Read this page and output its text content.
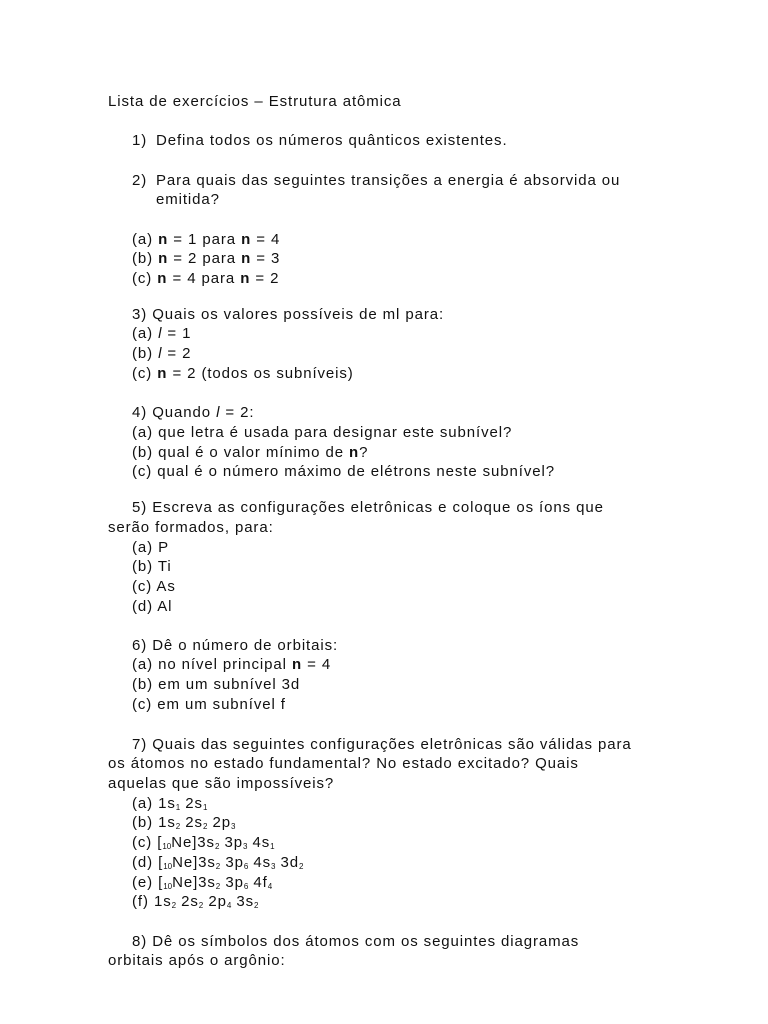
Lista de exercícios – Estrutura atômica
1) Defina todos os números quânticos existentes.
2) Para quais das seguintes transições a energia é absorvida ou
emitida?
(a) n = 1 para n = 4
(b) n = 2 para n = 3
(c) n = 4 para n = 2
3) Quais os valores possíveis de ml para:
(a) l = 1
(b) l = 2
(c) n = 2 (todos os subníveis)
4) Quando l = 2:
(a) que letra é usada para designar este subnível?
(b) qual é o valor mínimo de n?
(c) qual é o número máximo de elétrons neste subnível?
5) Escreva as configurações eletrônicas e coloque os íons que
serão formados, para:
(a) P
(b) Ti
(c) As
(d) Al
6) Dê o número de orbitais:
(a) no nível principal n = 4
(b) em um subnível 3d
(c) em um subnível f
7) Quais das seguintes configurações eletrônicas são válidas para
os átomos no estado fundamental? No estado excitado? Quais
aquelas que são impossíveis?
(a) $1s_1$ $2s_1$
(b) $1s_2$ $2s_2$ $2p_3$
(c) $[_{10}Ne]3s_2$ $3p_3$ $4s_1$
(d) $[_{10}Ne]3s_2$ $3p_6$ $4s_3$ $3d_2$
(e) $[_{10}Ne]3s_2$ $3p_6$ $4f_4$
(f) $1s_2$ $2s_2$ $2p_4$ $3s_2$
8) Dê os símbolos dos átomos com os seguintes diagramas
orbitais após o argônio:
